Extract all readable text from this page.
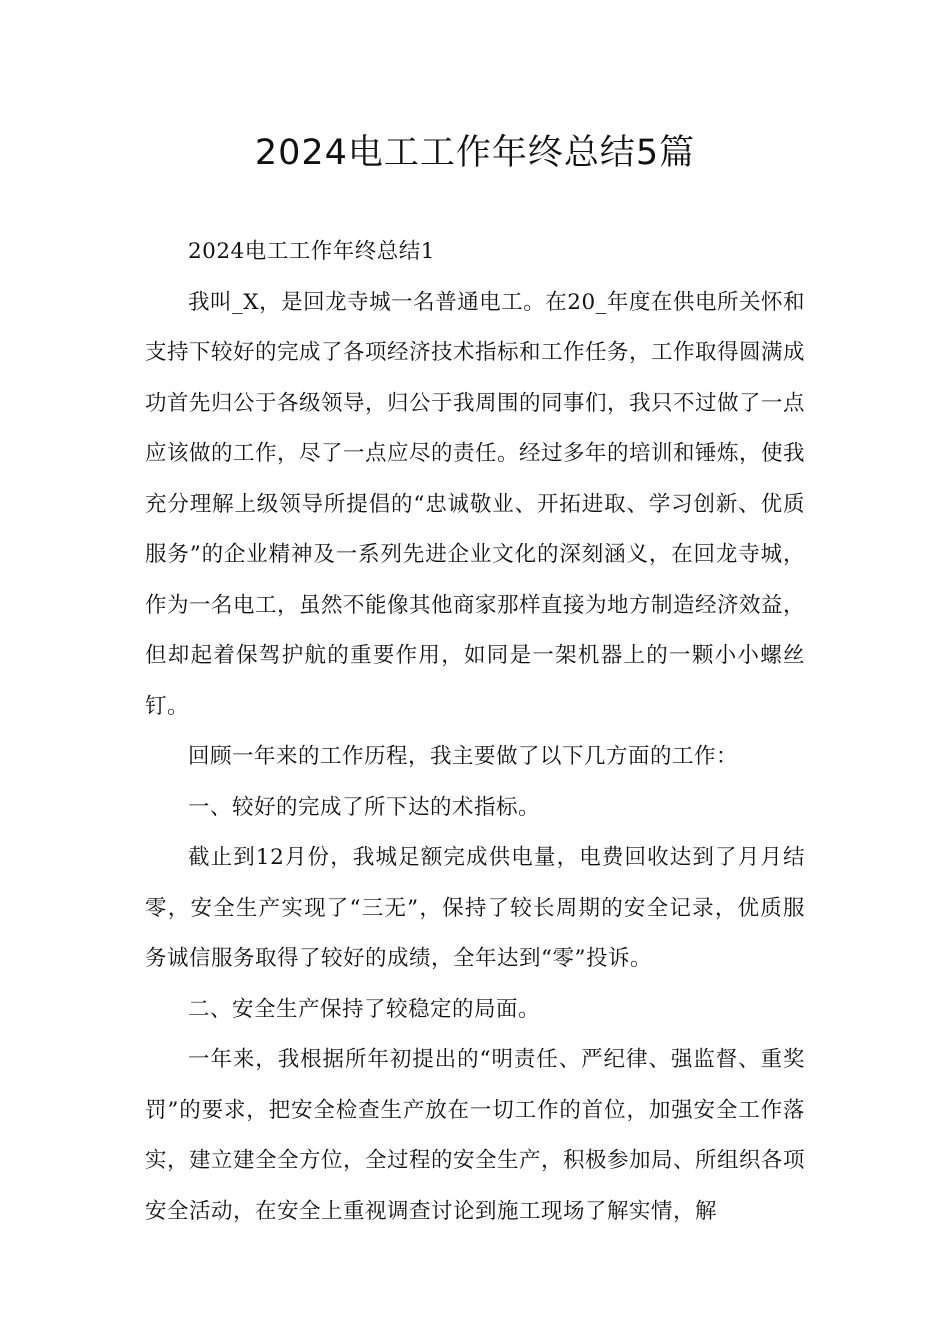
2024电工工作年终总结5篇

2024电工工作年终总结1

我叫_X，是回龙寺城一名普通电工。在20_年度在供电所关怀和支持下较好的完成了各项经济技术指标和工作任务，工作取得圆满成功首先归公于各级领导，归公于我周围的同事们，我只不过做了一点应该做的工作，尽了一点应尽的责任。经过多年的培训和锤炼，使我充分理解上级领导所提倡的“忠诚敬业、开拓进取、学习创新、优质服务”的企业精神及一系列先进企业文化的深刻涵义，在回龙寺城，作为一名电工，虽然不能像其他商家那样直接为地方制造经济效益，但却起着保驾护航的重要作用，如同是一架机器上的一颗小小螺丝钉。

回顾一年来的工作历程，我主要做了以下几方面的工作：

一、较好的完成了所下达的术指标。

截止到12月份，我城足额完成供电量，电费回收达到了月月结零，安全生产实现了“三无”，保持了较长周期的安全记录，优质服务诚信服务取得了较好的成绩，全年达到“零”投诉。

二、安全生产保持了较稳定的局面。

一年来，我根据所年初提出的“明责任、严纪律、强监督、重奖罚”的要求，把安全检查生产放在一切工作的首位，加强安全工作落实，建立建全全方位，全过程的安全生产，积极参加局、所组织各项安全活动，在安全上重视调查讨论到施工现场了解实情，解
